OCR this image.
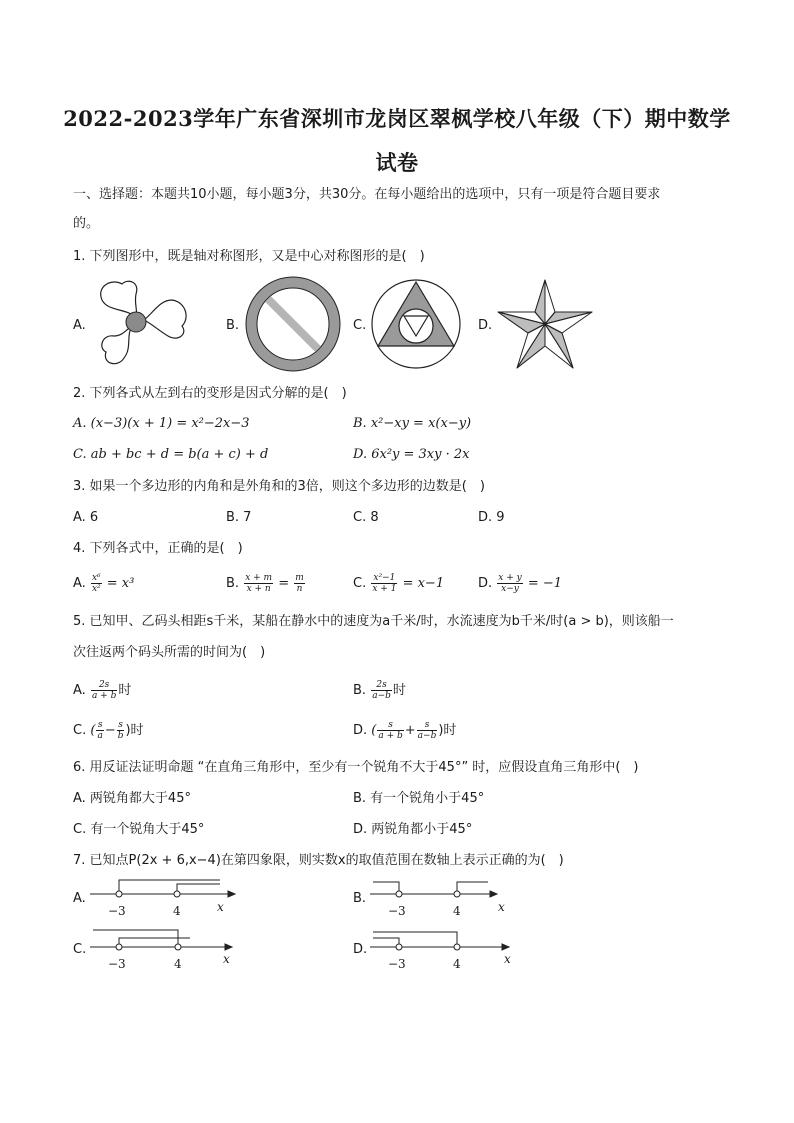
2022-2023学年广东省深圳市龙岗区翠枫学校八年级（下）期中数学
试卷
一、选择题：本题共10小题，每小题3分，共30分。在每小题给出的选项中，只有一项是符合题目要求
的。
1. 下列图形中，既是轴对称图形，又是中心对称图形的是(　)
A.	B.	C.	D.
2. 下列各式从左到右的变形是因式分解的是(　)
A. (x−3)(x + 1) = x²−2x−3	B. x²−xy = x(x−y)
C. ab + bc + d = b(a + c) + d	D. 6x²y = 3xy · 2x
3. 如果一个多边形的内角和是外角和的3倍，则这个多边形的边数是(　)
A. 6	B. 7	C. 8	D. 9
4. 下列各式中，正确的是(　)
A. $\frac{\text{x⁶}}{\text{x²}} = x^3$	B. $\frac{x + m}{x + n} = \frac{m}{n}$	C. $\frac{\text{x²−1}}{x + 1} = x-1$	D. $\frac{x + y}{x-y} = -1$
5. 已知甲、乙码头相距s千米，某船在静水中的速度为a千米/时，水流速度为b千米/时(a > b)，则该船一
次往返两个码头所需的时间为(　)
A. $\frac{2s}{a + b}$ 时	B. $\frac{2s}{a-b}$ 时
C. ( $\frac{s}{a} - \frac{s}{b}$ )时	D. ( $\frac{s}{a + b} + \frac{s}{a-b}$ )时
6. 用反证法证明命题 “在直角三角形中，至少有一个锐角不大于45°” 时，应假设直角三角形中(　)
A. 两锐角都大于45°	B. 有一个锐角小于45°
C. 有一个锐角大于45°	D. 两锐角都小于45°
7. 已知点P(2x + 6,x−4)在第四象限，则实数x的取值范围在数轴上表示正确的为(　)
A.	B.
C.	D.
−3	4	x	−3	4	x
−3	4	x	−3	4	x
